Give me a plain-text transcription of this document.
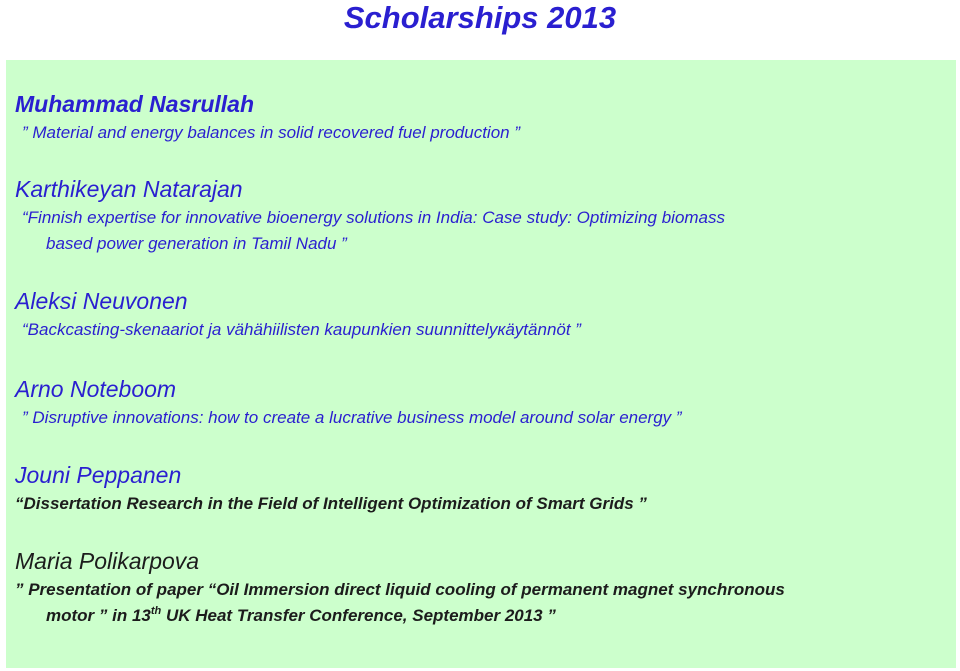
Scholarships 2013
Muhammad Nasrullah
” Material and energy balances in solid recovered fuel production ”
Karthikeyan Natarajan
“Finnish expertise for innovative bioenergy solutions in India: Case study: Optimizing biomass
based power generation in Tamil Nadu ”
Aleksi Neuvonen
“Backcasting-skenaariot ja vähähiilisten kaupunkien suunnittelукäytännöt ”
Arno Noteboom
” Disruptive innovations: how to create a lucrative business model around solar energy ”
Jouni Peppanen
“Dissertation Research in the Field of Intelligent Optimization of Smart Grids ”
Maria Polikarpova
” Presentation of paper “Oil Immersion direct liquid cooling of permanent magnet synchronous
motor ” in 13th UK Heat Transfer Conference, September 2013 ”
